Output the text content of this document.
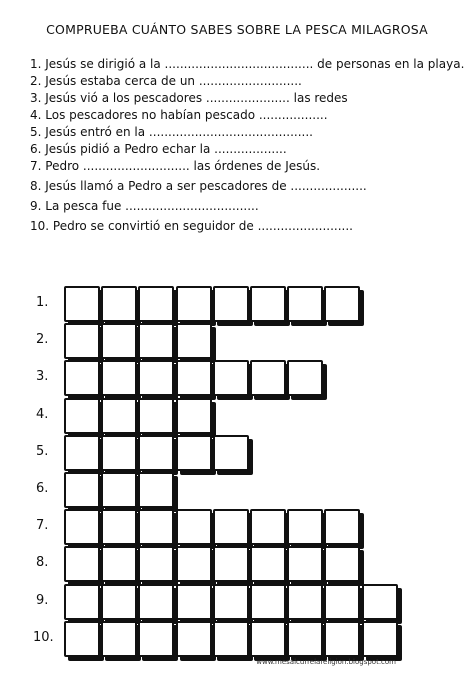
COMPRUEBA CUÁNTO SABES SOBRE LA PESCA MILAGROSA
1. Jesús se dirigió a la ....................................... de personas en la playa.
2. Jesús estaba cerca de un ...........................
3. Jesús vió a los pescadores ...................... las redes
4. Los pescadores no habían pescado ..................
5. Jesús entró en la ...........................................
6. Jesús pidió a Pedro echar la ...................
7. Pedro ............................ las órdenes de Jesús.
8. Jesús llamó a Pedro a ser pescadores de ....................
9. La pesca fue ...................................
10. Pedro se convirtió en seguidor de .........................
1.
2.
3.
4.
5.
6.
7.
8.
9.
10.
www.mesalcurrelareligion.blogspot.com
